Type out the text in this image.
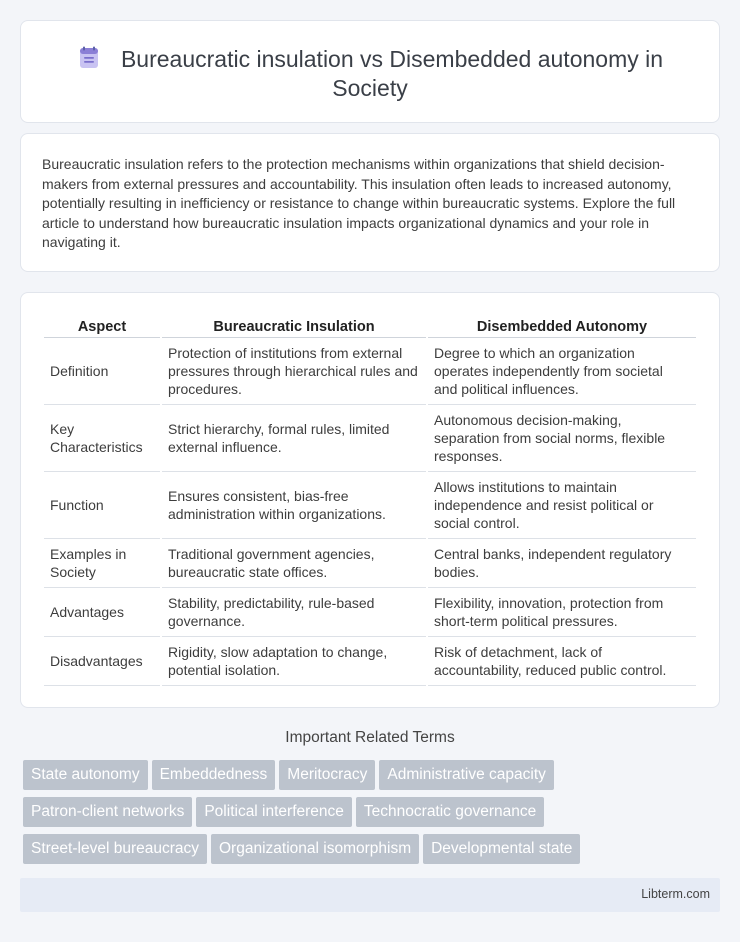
Bureaucratic insulation vs Disembedded autonomy in Society

Bureaucratic insulation refers to the protection mechanisms within organizations that shield decision-makers from external pressures and accountability. This insulation often leads to increased autonomy, potentially resulting in inefficiency or resistance to change within bureaucratic systems. Explore the full article to understand how bureaucratic insulation impacts organizational dynamics and your role in navigating it.

Aspect	Bureaucratic Insulation	Disembedded Autonomy
Definition	Protection of institutions from external pressures through hierarchical rules and procedures.	Degree to which an organization operates independently from societal and political influences.
Key Characteristics	Strict hierarchy, formal rules, limited external influence.	Autonomous decision-making, separation from social norms, flexible responses.
Function	Ensures consistent, bias-free administration within organizations.	Allows institutions to maintain independence and resist political or social control.
Examples in Society	Traditional government agencies, bureaucratic state offices.	Central banks, independent regulatory bodies.
Advantages	Stability, predictability, rule-based governance.	Flexibility, innovation, protection from short-term political pressures.
Disadvantages	Rigidity, slow adaptation to change, potential isolation.	Risk of detachment, lack of accountability, reduced public control.
Important Related Terms
State autonomy Embeddedness Meritocracy Administrative capacity
Patron-client networks Political interference Technocratic governance
Street-level bureaucracy Organizational isomorphism Developmental state
Libterm.com
